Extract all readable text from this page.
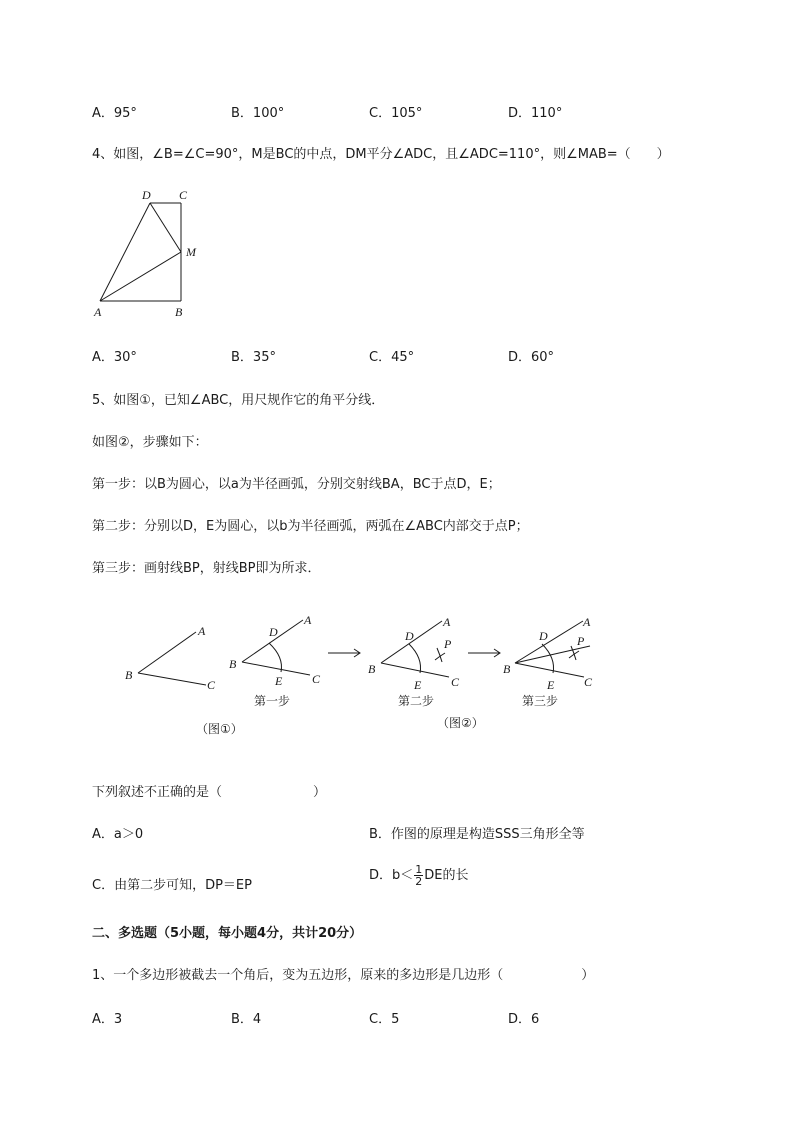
A．95°	B．100°	C．105°	D．110°
4、如图，∠B=∠C=90°，M是BC的中点，DM平分∠ADC，且∠ADC=110°，则∠MAB=（　　）
D C
M
A	B
A．30°	B．35°	C．45°	D．60°
5、如图①，已知∠ABC，用尺规作它的角平分线．
如图②，步骤如下：
第一步：以B为圆心，以a为半径画弧，分别交射线BA，BC于点D，E；
第二步：分别以D，E为圆心，以b为半径画弧，两弧在∠ABC内部交于点P；
第三步：画射线BP，射线BP即为所求．
A
B
C
A
D
B
E C
A
D
P
B
E C
A
D P
B
E C
第一步	第二步	第三步
（图①）	（图②）
下列叙述不正确的是（　　　　　　　）
A．a＞0	B．作图的原理是构造SSS三角形全等
C．由第二步可知，DP＝EP
D．$b< \frac{1}{2}$ DE的长
二、多选题（5小题，每小题4分，共计20分）
1、一个多边形被截去一个角后，变为五边形，原来的多边形是几边形（　　　　　　）
A．3	B．4	C．5	D．6
